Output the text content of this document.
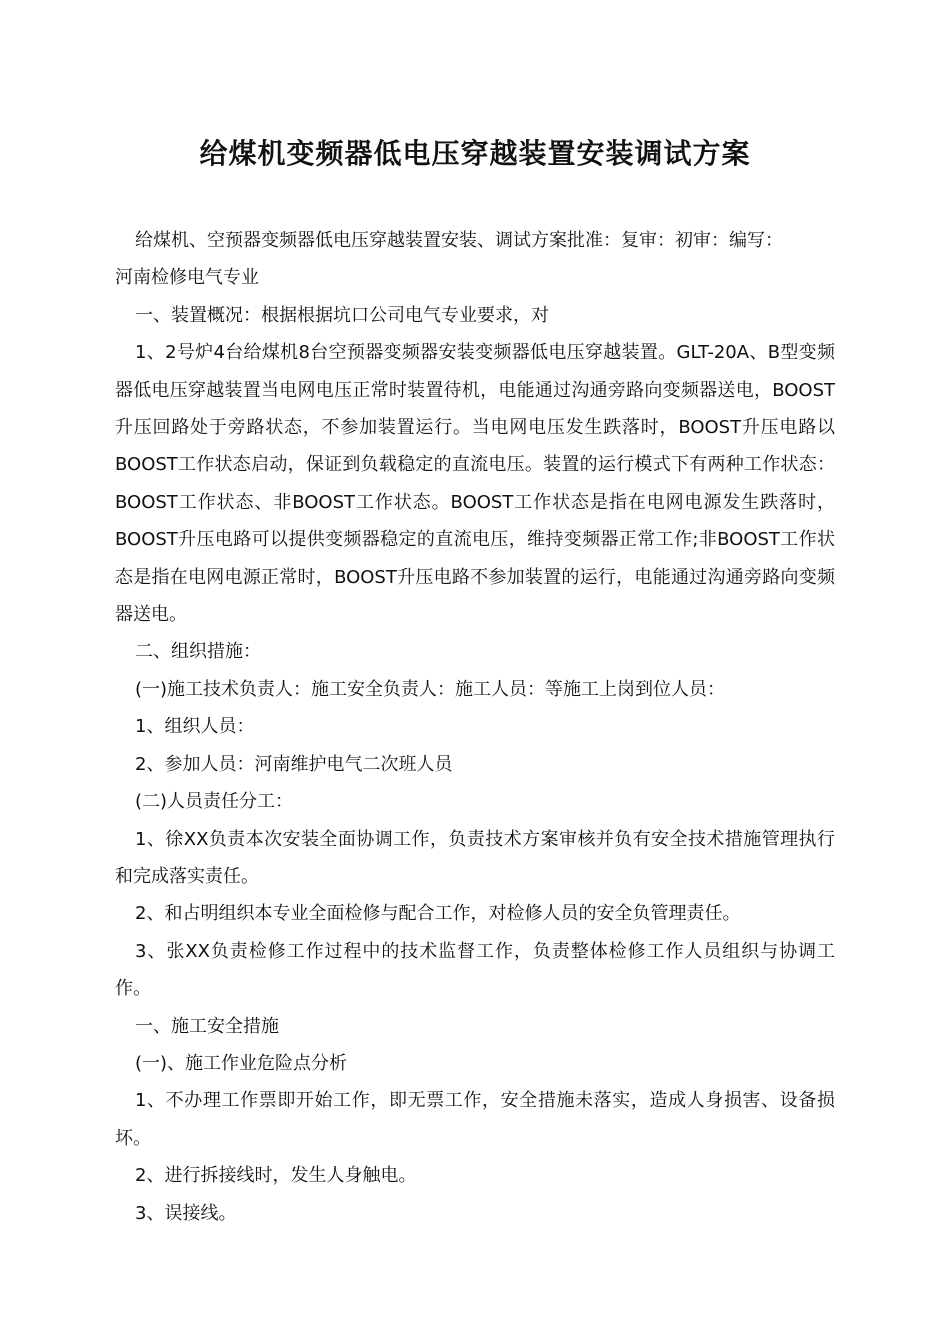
给煤机变频器低电压穿越装置安装调试方案

给煤机、空预器变频器低电压穿越装置安装、调试方案批准：复审：初审：编写：

河南检修电气专业

一、装置概况：根据根据坑口公司电气专业要求，对

1、2号炉4台给煤机8台空预器变频器安装变频器低电压穿越装置。GLT-20A、B型变频器低电压穿越装置当电网电压正常时装置待机，电能通过沟通旁路向变频器送电，BOOST升压回路处于旁路状态，不参加装置运行。当电网电压发生跌落时，BOOST升压电路以BOOST工作状态启动，保证到负载稳定的直流电压。装置的运行模式下有两种工作状态：BOOST工作状态、非BOOST工作状态。BOOST工作状态是指在电网电源发生跌落时，BOOST升压电路可以提供变频器稳定的直流电压，维持变频器正常工作;非BOOST工作状态是指在电网电源正常时，BOOST升压电路不参加装置的运行，电能通过沟通旁路向变频器送电。

二、组织措施：

(一)施工技术负责人：施工安全负责人：施工人员：等施工上岗到位人员：

1、组织人员：

2、参加人员：河南维护电气二次班人员

(二)人员责任分工：

1、徐XX负责本次安装全面协调工作，负责技术方案审核并负有安全技术措施管理执行和完成落实责任。

2、和占明组织本专业全面检修与配合工作，对检修人员的安全负管理责任。

3、张XX负责检修工作过程中的技术监督工作，负责整体检修工作人员组织与协调工作。

一、施工安全措施

(一)、施工作业危险点分析

1、不办理工作票即开始工作，即无票工作，安全措施未落实，造成人身损害、设备损坏。

2、进行拆接线时，发生人身触电。

3、误接线。
